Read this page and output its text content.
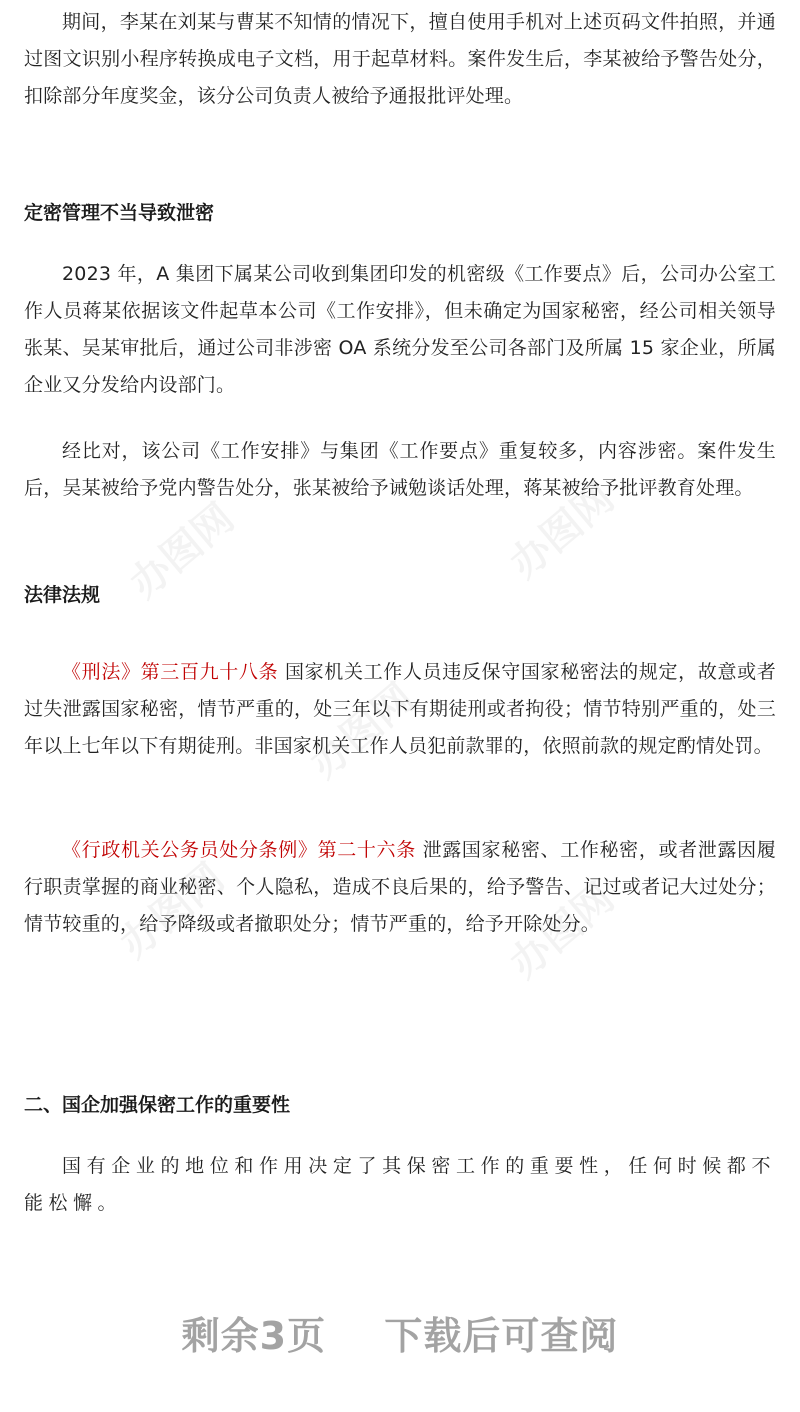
期间，李某在刘某与曹某不知情的情况下，擅自使用手机对上述页码文件拍照，并通过图文识别小程序转换成电子文档，用于起草材料。案件发生后，李某被给予警告处分，扣除部分年度奖金，该分公司负责人被给予通报批评处理。

定密管理不当导致泄密

2023 年，A 集团下属某公司收到集团印发的机密级《工作要点》后，公司办公室工作人员蒋某依据该文件起草本公司《工作安排》，但未确定为国家秘密，经公司相关领导张某、吴某审批后，通过公司非涉密 OA 系统分发至公司各部门及所属 15 家企业，所属企业又分发给内设部门。

经比对，该公司《工作安排》与集团《工作要点》重复较多，内容涉密。案件发生后，吴某被给予党内警告处分，张某被给予诫勉谈话处理，蒋某被给予批评教育处理。

法律法规

《刑法》第三百九十八条 国家机关工作人员违反保守国家秘密法的规定，故意或者过失泄露国家秘密，情节严重的，处三年以下有期徒刑或者拘役；情节特别严重的，处三年以上七年以下有期徒刑。非国家机关工作人员犯前款罪的，依照前款的规定酌情处罚。

《行政机关公务员处分条例》第二十六条 泄露国家秘密、工作秘密，或者泄露因履行职责掌握的商业秘密、个人隐私，造成不良后果的，给予警告、记过或者记大过处分；情节较重的，给予降级或者撤职处分；情节严重的，给予开除处分。

二、国企加强保密工作的重要性

国有企业的地位和作用决定了其保密工作的重要性，任何时候都不能松懈。

剩余3页 下载后可查阅
